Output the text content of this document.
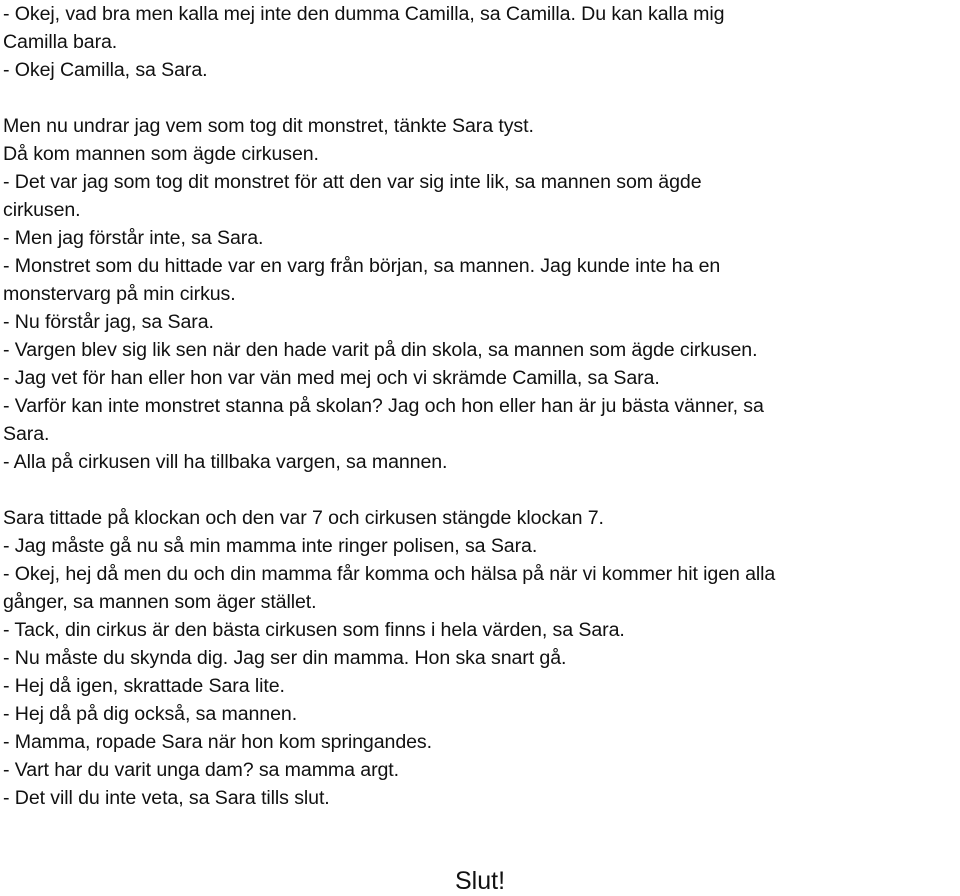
- Okej, vad bra men kalla mej inte den dumma Camilla, sa Camilla. Du kan kalla mig
Camilla bara.
- Okej Camilla, sa Sara.
Men nu undrar jag vem som tog dit monstret, tänkte Sara tyst.
Då kom mannen som ägde cirkusen.
- Det var jag som tog dit monstret för att den var sig inte lik, sa mannen som ägde
cirkusen.
- Men jag förstår inte, sa Sara.
- Monstret som du hittade var en varg från början, sa mannen. Jag kunde inte ha en
monstervarg på min cirkus.
- Nu förstår jag, sa Sara.
- Vargen blev sig lik sen när den hade varit på din skola, sa mannen som ägde cirkusen.
- Jag vet för han eller hon var vän med mej och vi skrämde Camilla, sa Sara.
- Varför kan inte monstret stanna på skolan? Jag och hon eller han är ju bästa vänner, sa
Sara.
- Alla på cirkusen vill ha tillbaka vargen, sa mannen.
Sara tittade på klockan och den var 7 och cirkusen stängde klockan 7.
- Jag måste gå nu så min mamma inte ringer polisen, sa Sara.
- Okej, hej då men du och din mamma får komma och hälsa på när vi kommer hit igen alla
gånger, sa mannen som äger stället.
- Tack, din cirkus är den bästa cirkusen som finns i hela värden, sa Sara.
- Nu måste du skynda dig. Jag ser din mamma. Hon ska snart gå.
- Hej då igen, skrattade Sara lite.
- Hej då på dig också, sa mannen.
- Mamma, ropade Sara när hon kom springandes.
- Vart har du varit unga dam? sa mamma argt.
- Det vill du inte veta, sa Sara tills slut.
Slut!
